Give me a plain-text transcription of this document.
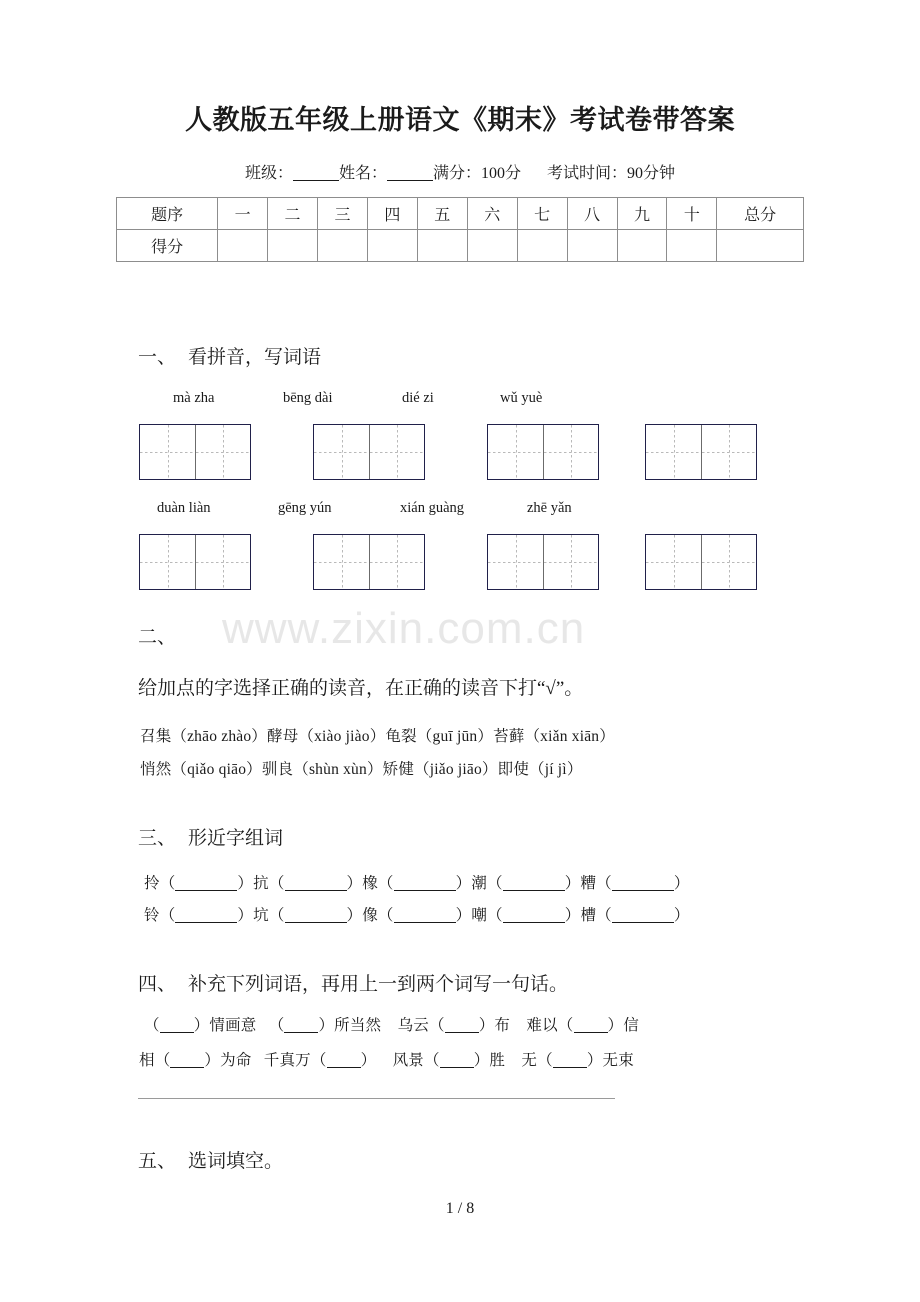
www.zixin.com.cn
人教版五年级上册语文《期末》考试卷带答案
班级：	姓名：	满分：100分 考试时间：90分钟
题序	一	二	三	四	五	六	七	八	九	十	总分
得分											
一、 看拼音，写词语
mà zha	bēng dài	dié zi	wǔ yuè
duàn liàn	gēng yún	xián guàng	zhē yǎn
二、
给加点的字选择正确的读音，在正确的读音下打“√”。
召集（zhāo zhào）酵母（xiào jiào）龟裂（guī jūn）苔藓（xiǎn xiān）
悄然（qiǎo qiāo）驯良（shùn xùn）矫健（jiǎo jiāo）即使（jí jì）
三、 形近字组词
拎（	）抗（	）橡（	）潮（	）糟（	）
铃（	）坑（	）像（	）嘲（	）槽（	）
四、 补充下列词语，再用上一到两个词写一句话。
（ ）情画意 （ ）所当然 乌云（ ）布 难以（ ）信
相（ ）为命 千真万（ ） 风景（ ）胜 无（ ）无束
五、 选词填空。
1 / 8
